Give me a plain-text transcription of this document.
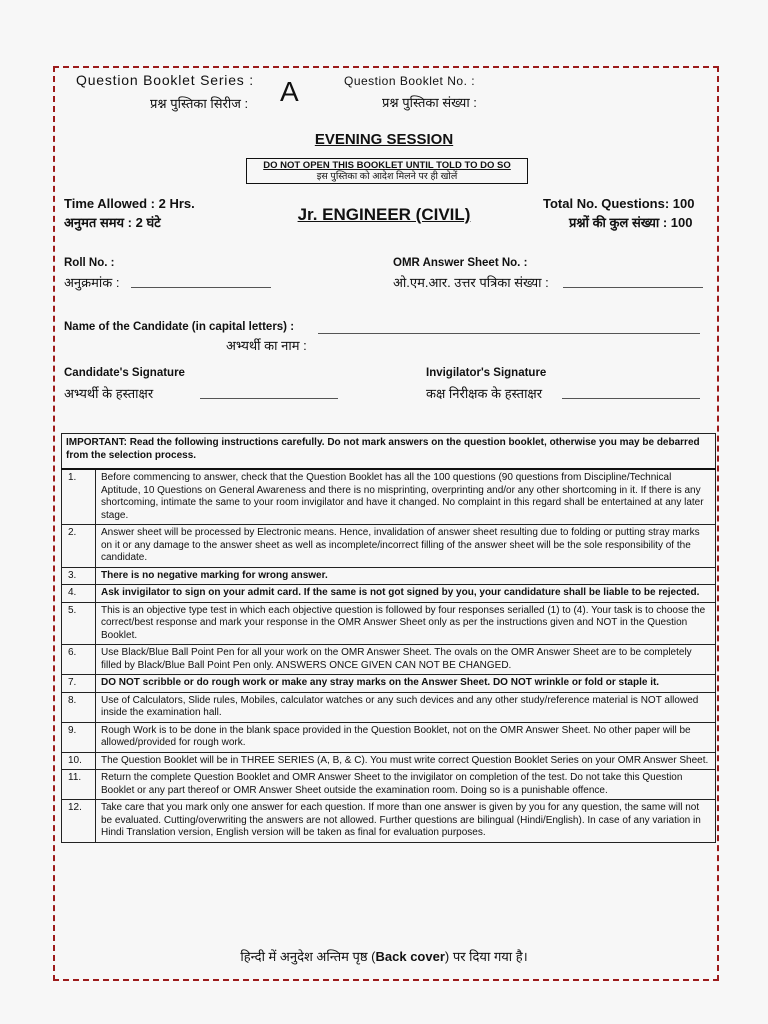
Question Booklet Series :
प्रश्न पुस्तिका सिरीज : A	Question Booklet No. :
प्रश्न पुस्तिका संख्या :
EVENING SESSION
DO NOT OPEN THIS BOOKLET UNTIL TOLD TO DO SO
इस पुस्तिका को आदेश मिलने पर ही खोलें
Time Allowed : 2 Hrs.
अनुमत समय : 2 घंटे	Jr. ENGINEER (CIVIL)
Total No. Questions: 100
प्रश्नों की कुल संख्या : 100
Roll No. :
अनुक्रमांक :
OMR Answer Sheet No. :
ओ.एम.आर. उत्तर पत्रिका संख्या :
Name of the Candidate (in capital letters) :
अभ्यर्थी का नाम :
Candidate's Signature
अभ्यर्थी के हस्ताक्षर
Invigilator's Signature
कक्ष निरीक्षक के हस्ताक्षर
IMPORTANT: Read the following instructions carefully. Do not mark answers on the question booklet, otherwise you may be debarred from the selection process.	
1.	Before commencing to answer, check that the Question Booklet has all the 100 questions (90 questions from Discipline/Technical Aptitude, 10 Questions on General Awareness and there is no misprinting, overprinting and/or any other shortcoming in it. If there is any shortcoming, intimate the same to your room invigilator and have it changed. No complaint in this regard shall be entertained at any later stage.
2.	Answer sheet will be processed by Electronic means. Hence, invalidation of answer sheet resulting due to folding or putting stray marks on it or any damage to the answer sheet as well as incomplete/incorrect filling of the answer sheet will be the sole responsibility of the candidate.
3.	There is no negative marking for wrong answer.
4.	Ask invigilator to sign on your admit card. If the same is not got signed by you, your candidature shall be liable to be rejected.
5.	This is an objective type test in which each objective question is followed by four responses serialled (1) to (4). Your task is to choose the correct/best response and mark your response in the OMR Answer Sheet only as per the instructions given and NOT in the Question Booklet.
6.	Use Black/Blue Ball Point Pen for all your work on the OMR Answer Sheet. The ovals on the OMR Answer Sheet are to be completely filled by Black/Blue Ball Point Pen only. ANSWERS ONCE GIVEN CAN NOT BE CHANGED.
7.	DO NOT scribble or do rough work or make any stray marks on the Answer Sheet. DO NOT wrinkle or fold or staple it.
8.	Use of Calculators, Slide rules, Mobiles, calculator watches or any such devices and any other study/reference material is NOT allowed inside the examination hall.
9.	Rough Work is to be done in the blank space provided in the Question Booklet, not on the OMR Answer Sheet. No other paper will be allowed/provided for rough work.
10.	The Question Booklet will be in THREE SERIES (A, B, & C). You must write correct Question Booklet Series on your OMR Answer Sheet.
11.	Return the complete Question Booklet and OMR Answer Sheet to the invigilator on completion of the test. Do not take this Question Booklet or any part thereof or OMR Answer Sheet outside the examination room. Doing so is a punishable offence.
12.	Take care that you mark only one answer for each question. If more than one answer is given by you for any question, the same will not be evaluated. Cutting/overwriting the answers are not allowed. Further questions are bilingual (Hindi/English). In case of any variation in Hindi Translation version, English version will be taken as final for evaluation purposes.
हिन्दी में अनुदेश अन्तिम पृष्ठ (Back cover) पर दिया गया है।
